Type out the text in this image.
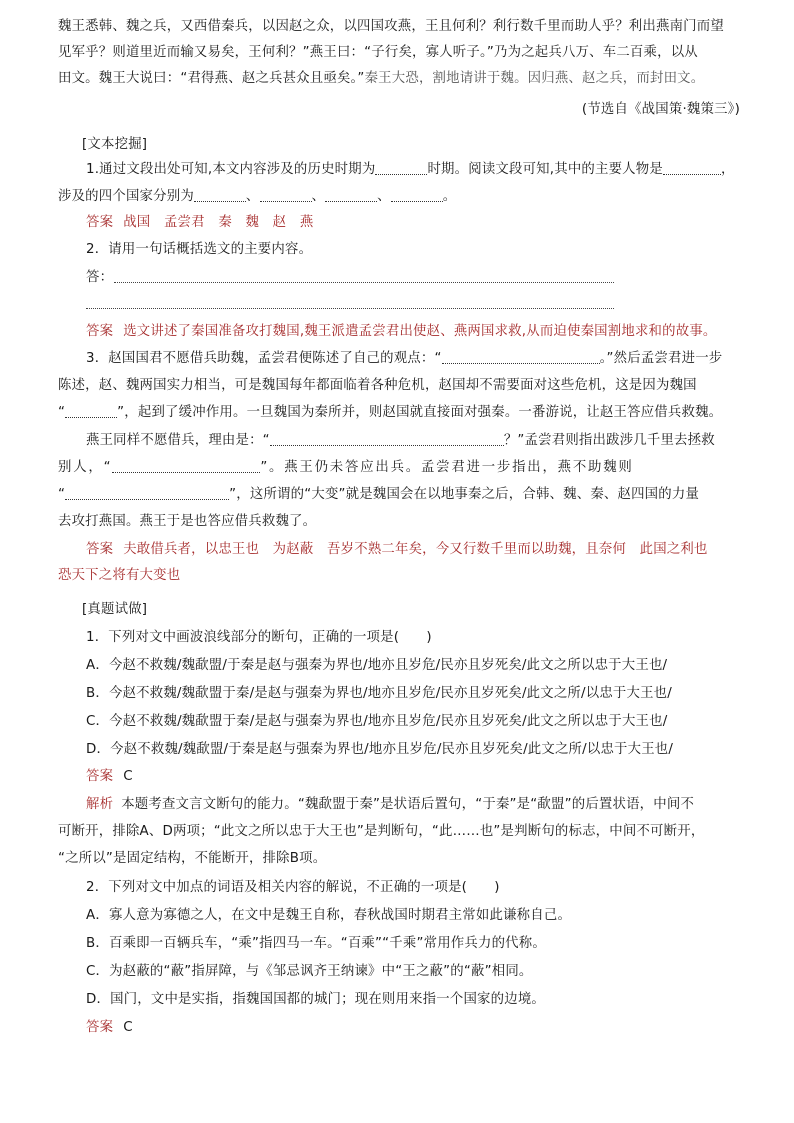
魏王悉韩、魏之兵，又西借秦兵，以因赵之众，以四国攻燕，王且何利？利行数千里而助人乎？利出燕南门而望
见军乎？则道里近而输又易矣，王何利？”燕王曰：“子行矣，寡人听子。”乃为之起兵八万、车二百乘，以从
田文。魏王大说曰：“君得燕、赵之兵甚众且亟矣。”秦王大恐，割地请讲于魏。因归燕、赵之兵，而封田文。
(节选自《战国策·魏策三》)
[文本挖掘]
1.通过文段出处可知,本文内容涉及的历史时期为	时期。阅读文段可知,其中的主要人物是	，
涉及的四个国家分别为	、	、	、	。
答案 战国　孟尝君　秦　魏　赵　燕
2．请用一句话概括选文的主要内容。
答：
答案 选文讲述了秦国准备攻打魏国,魏王派遣孟尝君出使赵、燕两国求救,从而迫使秦国割地求和的故事。
3．赵国国君不愿借兵助魏，孟尝君便陈述了自己的观点：“	。”然后孟尝君进一步
陈述，赵、魏两国实力相当，可是魏国每年都面临着各种危机，赵国却不需要面对这些危机，这是因为魏国
“	”，起到了缓冲作用。一旦魏国为秦所并，则赵国就直接面对强秦。一番游说，让赵王答应借兵救魏。
燕王同样不愿借兵，理由是：“	？”孟尝君则指出跋涉几千里去拯救
别人，“	”。燕王仍未答应出兵。孟尝君进一步指出，燕不助魏则
“	”，这所谓的“大变”就是魏国会在以地事秦之后，合韩、魏、秦、赵四国的力量
去攻打燕国。燕王于是也答应借兵救魏了。
答案 夫敢借兵者，以忠王也　为赵蔽　吾岁不熟二年矣，今又行数千里而以助魏，且奈何　此国之利也
恐天下之将有大变也
[真题试做]
1．下列对文中画波浪线部分的断句，正确的一项是(　　)
A．今赵不救魏/魏歃盟/于秦是赵与强秦为界也/地亦且岁危/民亦且岁死矣/此文之所以忠于大王也/
B．今赵不救魏/魏歃盟于秦/是赵与强秦为界也/地亦且岁危/民亦且岁死矣/此文之所/以忠于大王也/
C．今赵不救魏/魏歃盟于秦/是赵与强秦为界也/地亦且岁危/民亦且岁死矣/此文之所以忠于大王也/
D．今赵不救魏/魏歃盟/于秦是赵与强秦为界也/地亦且岁危/民亦且岁死矣/此文之所/以忠于大王也/
答案 C
解析 本题考查文言文断句的能力。“魏歃盟于秦”是状语后置句，“于秦”是“歃盟”的后置状语，中间不
可断开，排除A、D两项；“此文之所以忠于大王也”是判断句，“此……也”是判断句的标志，中间不可断开，
“之所以”是固定结构，不能断开，排除B项。
2．下列对文中加点的词语及相关内容的解说，不正确的一项是(　　)
A．寡人意为寡德之人，在文中是魏王自称，春秋战国时期君主常如此谦称自己。
B．百乘即一百辆兵车，“乘”指四马一车。“百乘”“千乘”常用作兵力的代称。
C．为赵蔽的“蔽”指屏障，与《邹忌讽齐王纳谏》中“王之蔽”的“蔽”相同。
D．国门，文中是实指，指魏国国都的城门；现在则用来指一个国家的边境。
答案 C
